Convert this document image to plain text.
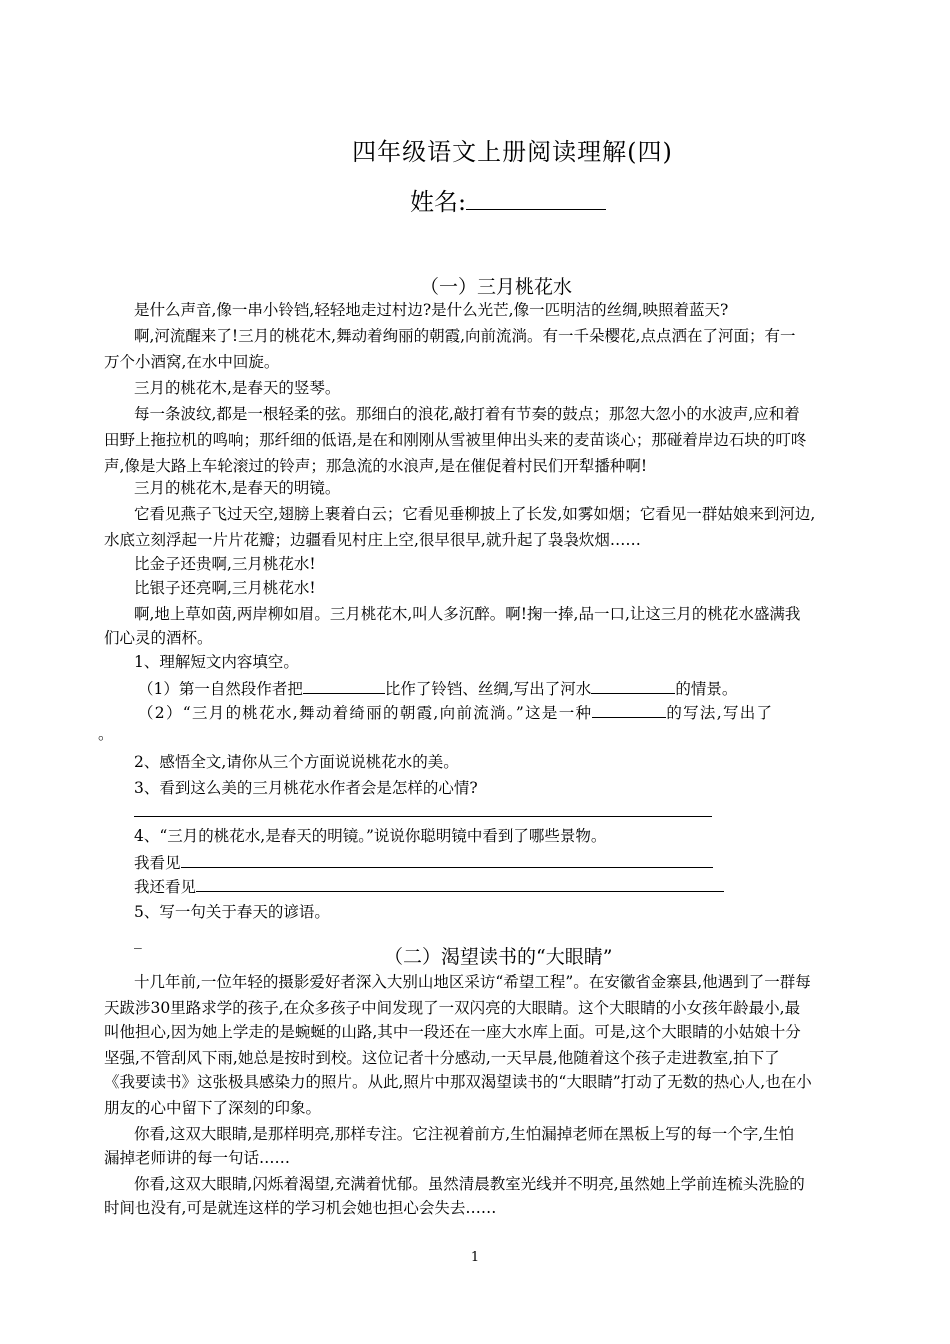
四年级语文上册阅读理解(四)
姓名:
（一）三月桃花水
是什么声音,像一串小铃铛,轻轻地走过村边?是什么光芒,像一匹明洁的丝绸,映照着蓝天?
啊,河流醒来了!三月的桃花木,舞动着绚丽的朝霞,向前流淌。有一千朵樱花,点点洒在了河面；有一
万个小酒窝,在水中回旋。
三月的桃花木,是春天的竖琴。
每一条波纹,都是一根轻柔的弦。那细白的浪花,敲打着有节奏的鼓点；那忽大忽小的水波声,应和着
田野上拖拉机的鸣响；那纤细的低语,是在和刚刚从雪被里伸出头来的麦苗谈心；那碰着岸边石块的叮咚
声,像是大路上车轮滚过的铃声；那急流的水浪声,是在催促着村民们开犁播种啊!
三月的桃花木,是春天的明镜。
它看见燕子飞过天空,翅膀上裹着白云；它看见垂柳披上了长发,如雾如烟；它看见一群姑娘来到河边,
水底立刻浮起一片片花瓣；边疆看见村庄上空,很早很早,就升起了袅袅炊烟……
比金子还贵啊,三月桃花水!
比银子还亮啊,三月桃花水!
啊,地上草如茵,两岸柳如眉。三月桃花木,叫人多沉醉。啊!掬一捧,品一口,让这三月的桃花水盛满我
们心灵的酒杯。
1、理解短文内容填空。
（1）第一自然段作者把	比作了铃铛、丝绸,写出了河水	的情景。
（2）“三月的桃花水,舞动着绮丽的朝霞,向前流淌。”这是一种	的写法,写出了
。
2、感悟全文,请你从三个方面说说桃花水的美。
3、看到这么美的三月桃花水作者会是怎样的心情?
4、“三月的桃花水,是春天的明镜。”说说你聪明镜中看到了哪些景物。
我看见
我还看见
5、写一句关于春天的谚语。
_
（二）渴望读书的“大眼睛”
十几年前,一位年轻的摄影爱好者深入大别山地区采访“希望工程”。在安徽省金寨县,他遇到了一群每
天跋涉30里路求学的孩子,在众多孩子中间发现了一双闪亮的大眼睛。这个大眼睛的小女孩年龄最小,最
叫他担心,因为她上学走的是蜿蜒的山路,其中一段还在一座大水库上面。可是,这个大眼睛的小姑娘十分
坚强,不管刮风下雨,她总是按时到校。这位记者十分感动,一天早晨,他随着这个孩子走进教室,拍下了
《我要读书》这张极具感染力的照片。从此,照片中那双渴望读书的“大眼睛”打动了无数的热心人,也在小
朋友的心中留下了深刻的印象。
你看,这双大眼睛,是那样明亮,那样专注。它注视着前方,生怕漏掉老师在黑板上写的每一个字,生怕
漏掉老师讲的每一句话……
你看,这双大眼睛,闪烁着渴望,充满着忧郁。虽然清晨教室光线并不明亮,虽然她上学前连梳头洗脸的
时间也没有,可是就连这样的学习机会她也担心会失去……
1
